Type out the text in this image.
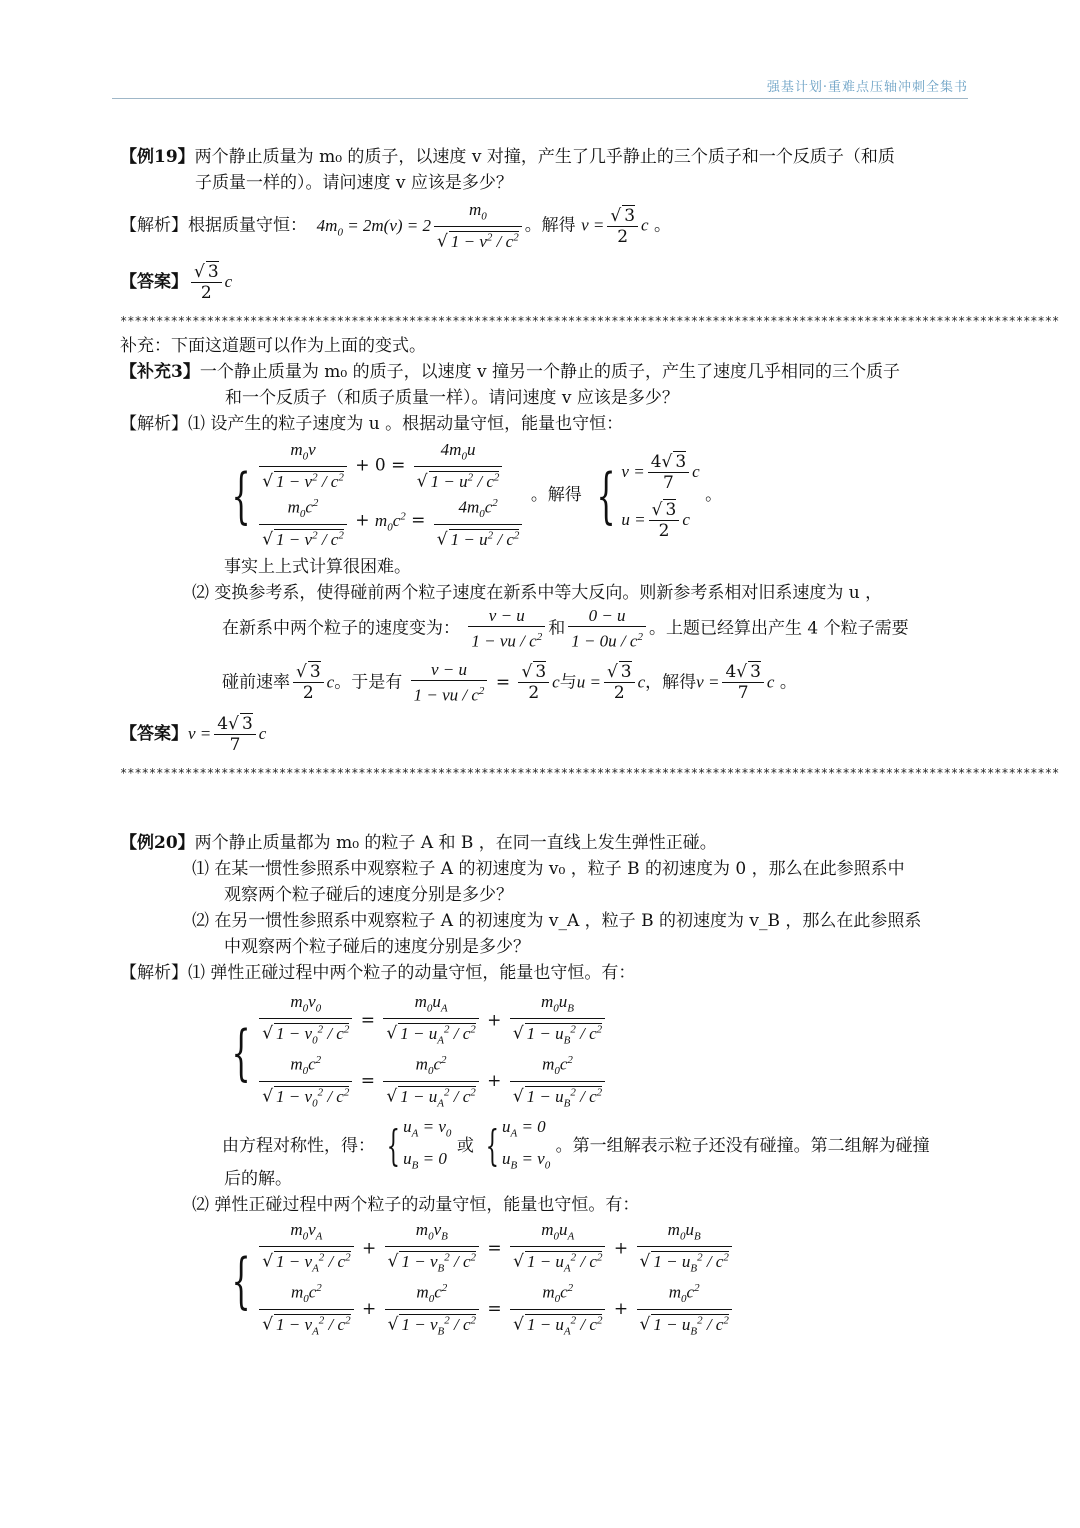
强基计划·重难点压轴冲刺全集书
【例19】两个静止质量为 m₀ 的质子，以速度 v 对撞，产生了几乎静止的三个质子和一个反质子（和质
子质量一样的）。请问速度 v 应该是多少？
【解析】根据质量守恒：  $4m_0 = 2m(v) = 2 \frac{m_0}{√ 1 - v^2 / c^2}$ 。解得 $v = \frac{√ 3}{2}$ c 。
【答案】 $\frac{√ 3}{2}$ c
**********************************************************************************************************************************
补充：下面这道题可以作为上面的变式。
【补充3】一个静止质量为 m₀ 的质子，以速度 v 撞另一个静止的质子，产生了速度几乎相同的三个质子
和一个反质子（和质子质量一样）。请问速度 v 应该是多少？
【解析】⑴ 设产生的粒子速度为 u 。根据动量守恒，能量也守恒：
{ $\frac{m_0v}{√ 1 - v^2 / c^2} + 0 = \frac{4m_0u}{√ 1 - u^2 / c^2}$
$\frac{m_0c^2}{√ 1 - v^2 / c^2} + m_0c^2 = \frac{4m_0c^2}{√ 1 - u^2 / c^2}$ 。解得 { $v = \frac{4√ 3}{7}$ c
$u = \frac{√ 3}{2}$ c
。
事实上上式计算很困难。
⑵ 变换参考系，使得碰前两个粒子速度在新系中等大反向。则新参考系相对旧系速度为 u ，
在新系中两个粒子的速度变为： $\frac{v - u}{1 - vu / c^2}$ 和 $\frac{0 - u}{1 - 0u / c^2}$ 。上题已经算出产生 4 个粒子需要
碰前速率 $\frac{√ 3}{2}$ c。于是有 $\frac{v - u}{1 - vu / c^2} = \frac{√ 3}{2}$ c与$u = \frac{√ 3}{2}$ c，解得$v = \frac{4√ 3}{7}$ c 。
【答案】$v = \frac{4√ 3}{7}$ c
**********************************************************************************************************************************
【例20】两个静止质量都为 m₀ 的粒子 A 和 B ，在同一直线上发生弹性正碰。
⑴ 在某一惯性参照系中观察粒子 A 的初速度为 v₀ ，粒子 B 的初速度为 0 ，那么在此参照系中
观察两个粒子碰后的速度分别是多少？
⑵ 在另一惯性参照系中观察粒子 A 的初速度为 v_A ，粒子 B 的初速度为 v_B ，那么在此参照系
中观察两个粒子碰后的速度分别是多少？
【解析】⑴ 弹性正碰过程中两个粒子的动量守恒，能量也守恒。有：
{ $\frac{m_0v_0}{√ 1 - v_0^2 / c^2} = \frac{m_0u_A}{√ 1 - u_A^2 / c^2} + \frac{m_0u_B}{√ 1 - u_B^2 / c^2}$
$\frac{m_0c^2}{√ 1 - v_0^2 / c^2} = \frac{m_0c^2}{√ 1 - u_A^2 / c^2} + \frac{m_0c^2}{√ 1 - u_B^2 / c^2}$
由方程对称性，得： { $u_A = v_0$
$u_B = 0$
或 { $u_A = 0$
$u_B = v_0$
。第一组解表示粒子还没有碰撞。第二组解为碰撞
后的解。
⑵ 弹性正碰过程中两个粒子的动量守恒，能量也守恒。有：
{ $\frac{m_0v_A}{√ 1 - v_A^2 / c^2} + \frac{m_0v_B}{√ 1 - v_B^2 / c^2} = \frac{m_0u_A}{√ 1 - u_A^2 / c^2} + \frac{m_0u_B}{√ 1 - u_B^2 / c^2}$
$\frac{m_0c^2}{√ 1 - v_A^2 / c^2} + \frac{m_0c^2}{√ 1 - v_B^2 / c^2} = \frac{m_0c^2}{√ 1 - u_A^2 / c^2} + \frac{m_0c^2}{√ 1 - u_B^2 / c^2}$
